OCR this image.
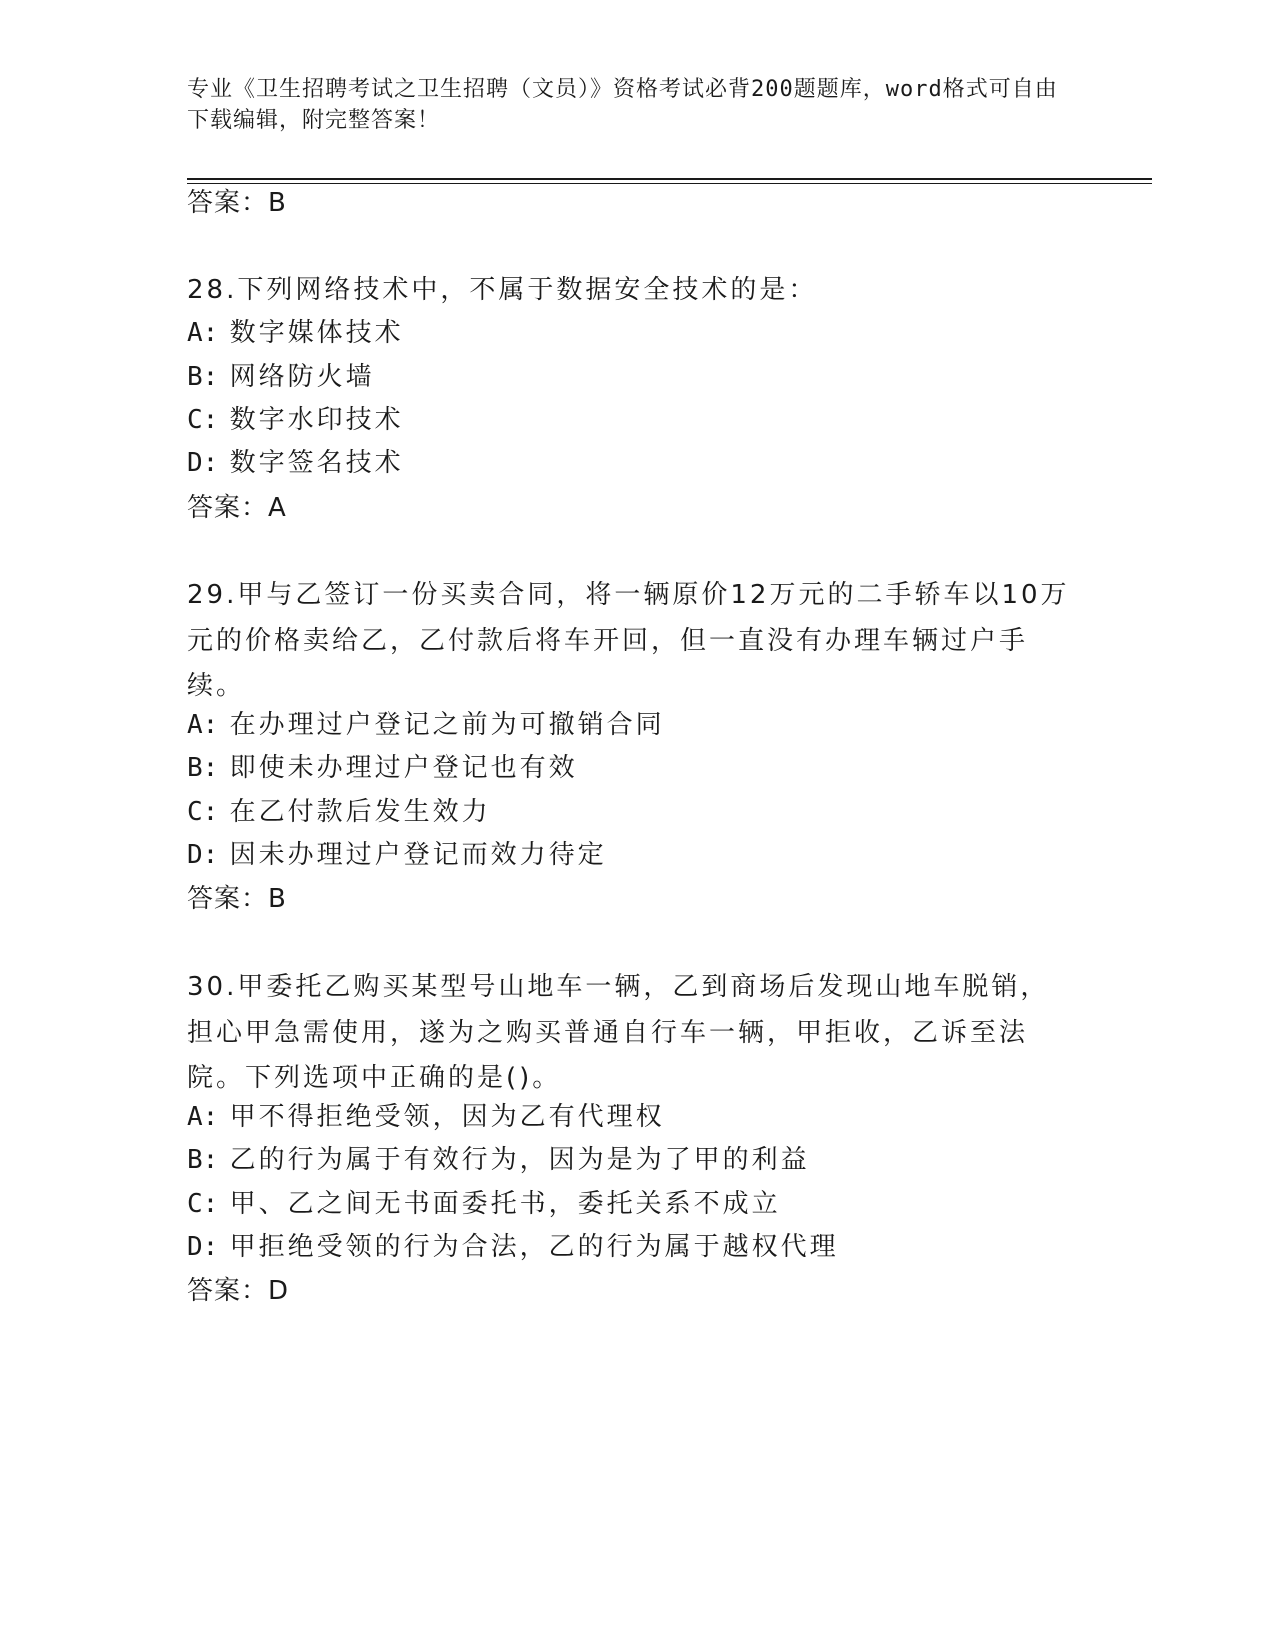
专业《卫生招聘考试之卫生招聘（文员）》资格考试必背200题题库，word格式可自由下载编辑，附完整答案！
答案：B
28.下列网络技术中，不属于数据安全技术的是：
A: 数字媒体技术
B: 网络防火墙
C: 数字水印技术
D: 数字签名技术
答案：A
29.甲与乙签订一份买卖合同，将一辆原价12万元的二手轿车以10万元的价格卖给乙，乙付款后将车开回，但一直没有办理车辆过户手续。
A: 在办理过户登记之前为可撤销合同
B: 即使未办理过户登记也有效
C: 在乙付款后发生效力
D: 因未办理过户登记而效力待定
答案：B
30.甲委托乙购买某型号山地车一辆，乙到商场后发现山地车脱销，担心甲急需使用，遂为之购买普通自行车一辆，甲拒收，乙诉至法院。下列选项中正确的是()。
A: 甲不得拒绝受领，因为乙有代理权
B: 乙的行为属于有效行为，因为是为了甲的利益
C: 甲、乙之间无书面委托书，委托关系不成立
D: 甲拒绝受领的行为合法，乙的行为属于越权代理
答案：D
